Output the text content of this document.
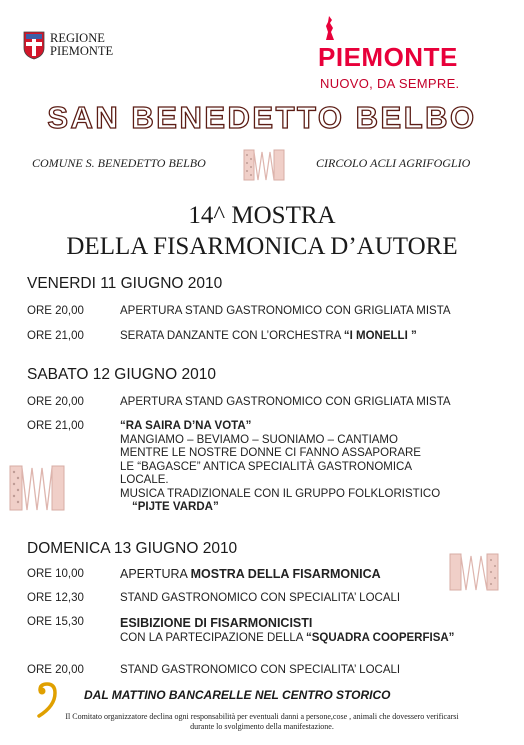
REGIONE
PIEMONTE	PIEMONTE
NUOVO, DA SEMPRE.
SAN BENEDETTO BELBO
COMUNE S. BENEDETTO BELBO	CIRCOLO ACLI AGRIFOGLIO
14^ MOSTRA
DELLA FISARMONICA D’AUTORE
VENERDI 11 GIUGNO 2010
ORE 20,00	APERTURA STAND GASTRONOMICO CON GRIGLIATA MISTA
ORE 21,00	SERATA DANZANTE CON L’ORCHESTRA “I MONELLI ”
SABATO 12 GIUGNO 2010
ORE 20,00	APERTURA STAND GASTRONOMICO CON GRIGLIATA MISTA
ORE 21,00	“RA SAIRA D’NA VOTA”
MANGIAMO – BEVIAMO – SUONIAMO – CANTIAMO
MENTRE LE NOSTRE DONNE CI FANNO ASSAPORARE
LE “BAGASCE” ANTICA SPECIALITÀ GASTRONOMICA
LOCALE.
MUSICA TRADIZIONALE CON IL GRUPPO FOLKLORISTICO
“PIJTE VARDA”
DOMENICA 13 GIUGNO 2010
ORE 10,00	APERTURA MOSTRA DELLA FISARMONICA
ORE 12,30	STAND GASTRONOMICO CON SPECIALITA’ LOCALI
ORE 15,30	ESIBIZIONE DI FISARMONICISTI
CON LA PARTECIPAZIONE DELLA “SQUADRA COOPERFISA”
ORE 20,00	STAND GASTRONOMICO CON SPECIALITA’ LOCALI
DAL MATTINO BANCARELLE NEL CENTRO STORICO
Il Comitato organizzatore declina ogni responsabilità per eventuali danni a persone,cose , animali che dovessero verificarsi
durante lo svolgimento della manifestazione.
